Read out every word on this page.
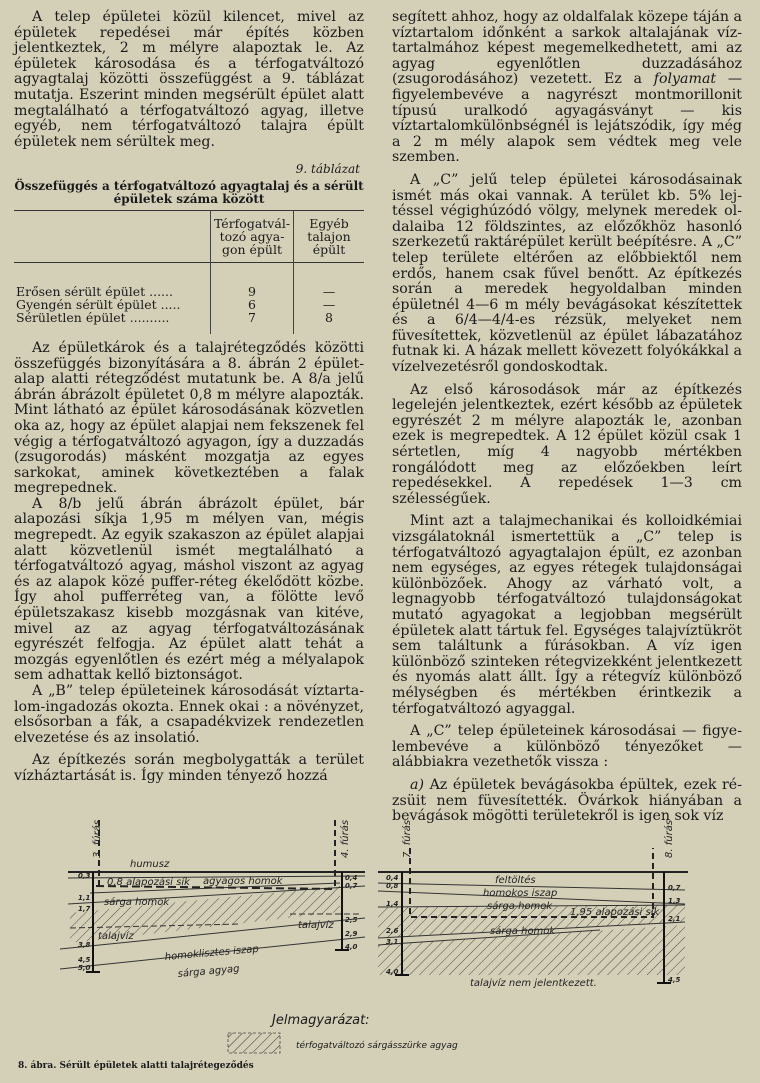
A telep épületei közül kilencet, mivel az épületek repedései már építés közben jelentkeztek, 2 m mélyre alapoztak le. Az épületek károsodása és a térfogatváltozó agyagtalaj közötti összefüggést a 9. táblázat mutatja. Eszerint minden megsérült épület alatt megtalálható a térfogatváltozó agyag, illetve egyéb, nem térfogatváltozó talajra épült épületek nem sérültek meg.

9. táblázat
Összefüggés a térfogatváltozó agyagtalaj és a sérült épületek száma között
	Térfogatváltozó agyagon épült	Egyéb talajon épült
Erősen sérült épület ......	9	—
Gyengén sérült épület .....	6	—
Sérületlen épület ..........	7	8

Az épületkárok és a talajrétegződés közötti összefüggés bizonyítására a 8. ábrán 2 épületalap alatti rétegződést mutatunk be. A 8/a jelű ábrán ábrázolt épületet 0,8 m mélyre alapozták. Mint látható az épület károsodásának közvetlen oka az, hogy az épület alapjai nem fekszenek fel végig a térfogatváltozó agyagon, így a duzzadás (zsugorodás) másként mozgatja az egyes sarkokat, aminek következtében a falak megrepednek.

A 8/b jelű ábrán ábrázolt épület, bár alapozási síkja 1,95 m mélyen van, mégis megrepedt. Az egyik szakaszon az épület alapjai alatt közvetlenül ismét megtalálható a térfogatváltozó agyag, máshol viszont az agyag és az alapok közé puffer-réteg ékelődött közbe. Így ahol pufferréteg van, a fölötte levő épületszakasz kisebb mozgásnak van kitéve, mivel az az agyag térfogatváltozásának egyrészét felfogja. Az épület alatt tehát a mozgás egyenlőtlen és ezért még a mélyalapok sem adhattak kellő biztonságot.

A „B” telep épületeinek károsodását víztartalom-ingadozás okozta. Ennek okai : a növényzet, elsősorban a fák, a csapadékvizek rendezetlen elvezetése és az insolatió.

Az építkezés során megbolygatták a terület vízháztartását is. Így minden tényező hozzá

segített ahhoz, hogy az oldalfalak közepe táján a víztartalom időnként a sarkok altalajának víztartalmához képest megemelkedhetett, ami az agyag egyenlőtlen duzzadásához (zsugorodásához) vezetett. Ez a folyamat — figyelembevéve a nagyrészt montmorillonit típusú uralkodó agyagásványt — kis víztartalomkülönbségnél is lejátszódik, így még a 2 m mély alapok sem védtek meg vele szemben.

A „C” jelű telep épületei károsodásainak ismét más okai vannak. A terület kb. 5% lejtéssel végighúzódó völgy, melynek meredek oldalaiba 12 földszintes, az előzőkhöz hasonló szerkezetű raktárépület került beépítésre. A „C” telep területe eltérően az előbbiektől nem erdős, hanem csak fűvel benőtt. Az építkezés során a meredek hegyoldalban minden épületnél 4—6 m mély bevágásokat készítettek és a 6/4—4/4-es rézsük, melyeket nem füvesítettek, közvetlenül az épület lábazatához futnak ki. A házak mellett kövezett folyókákkal a vízelvezetésről gondoskodtak.

Az első károsodások már az építkezés legelején jelentkeztek, ezért később az épületek egyrészét 2 m mélyre alapozták le, azonban ezek is megrepedtek. A 12 épület közül csak 1 sértetlen, míg 4 nagyobb mértékben rongálódott meg az előzőekben leírt repedésekkel. A repedések 1—3 cm szélességűek.

Mint azt a talajmechanikai és kolloidkémiai vizsgálatoknál ismertettük a „C” telep is térfogatváltozó agyagtalajon épült, ez azonban nem egységes, az egyes rétegek tulajdonságai különbözőek. Ahogy az várható volt, a legnagyobb térfogatváltozó tulajdonságokat mutató agyagokat a legjobban megsérült épületek alatt tártuk fel. Egységes talajvíztükröt sem találtunk a fúrásokban. A víz igen különböző szinteken rétegvizekként jelentkezett és nyomás alatt állt. Így a rétegvíz különböző mélységben és mértékben érintkezik a térfogatváltozó agyaggal.

A „C” telep épületeinek károsodásai — figyelembevéve a különböző tényezőket — alábbiakra vezethetők vissza :

a) Az épületek bevágásokba épültek, ezek rézsüit nem füvesítették. Övárkok hiányában a bevágások mögötti területekről is igen sok víz

3. fúrás	4. fúrás
humusz
0,8 alapozási sík agyagos homok
sárga homok
talajvíz
talajvíz
homoklisztes iszap
sárga agyag
0,3
1,1
1,7
3,8
4,5
5,0
0,4
0,7
2,5
2,9
4,0
7. fúrás	8. fúrás
feltöltés
homokos iszap
sárga homok
1,95 alapozási sík
sárga homok
talajvíz nem jelentkezett.
0,4
0,8
1,4
2,6
3,1
4,0
0,7
1,3
2,1
4,5
Jelmagyarázat:
térfogatváltozó sárgásszürke agyag
8. ábra. Sérült épületek alatti talajrétegeződés
